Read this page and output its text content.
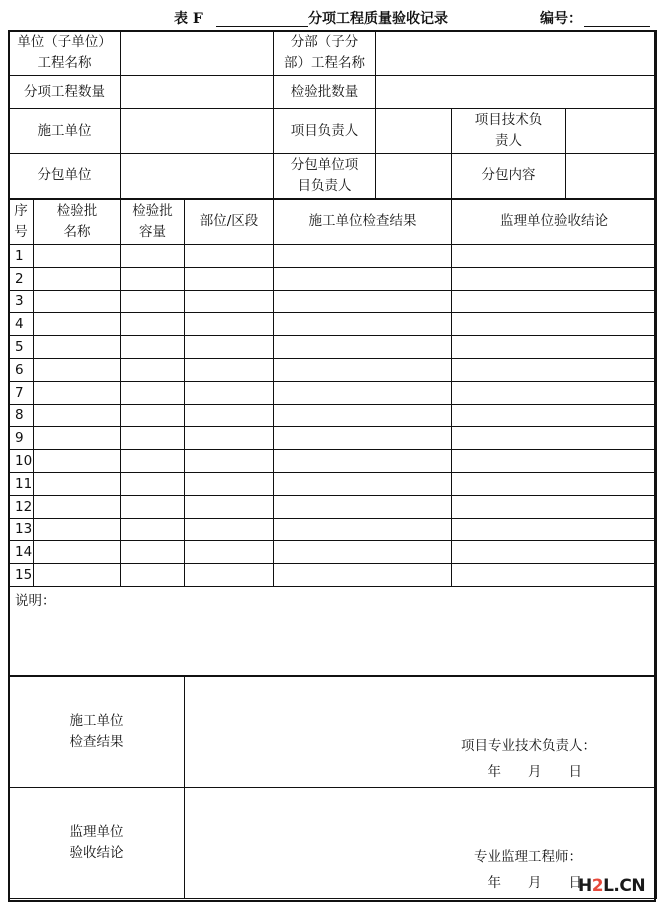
表 F	分项工程质量验收记录	编号：
单位（子单位）工程名称				分部（子分部）工程名称			
分项工程数量				检验批数量			
施工单位				项目负责人		项目技术负责人	
分包单位				分包单位项目负责人		分包内容	
序号	检验批名称	检验批容量	部位/区段	施工单位检查结果		监理单位验收结论	
1							
2							
3							
4							
5							
6							
7							
8							
9							
10							
11							
12							
13							
14							
15							
说明：							
施工单位检查结果			项目专业技术负责人：
年　　月　　日				

监理单位验收结论			专业监理工程师：
年　　月　　日				
H2L.CN
